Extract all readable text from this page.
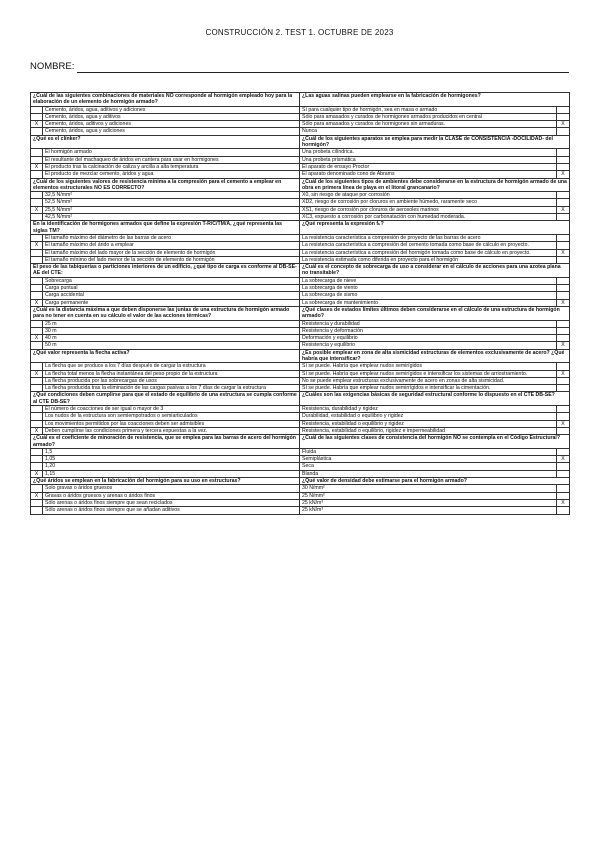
CONSTRUCCIÓN 2. TEST 1. OCTUBRE DE 2023
NOMBRE:
¿Cuál de las siguientes combinaciones de materiales NO corresponde al hormigón empleado hoy para la elaboración de un elemento de hormigón armado?		¿Las aguas salinas pueden emplearse en la fabricación de hormigones?	
	Cemento, áridos, agua, aditivos y adiciones	Sí para cualquier tipo de hormigón, sea en masa o armado	
	Cemento, áridos, agua y aditivos	Sólo para amasados y curados de hormigones armados producidos en central	
X	Cemento, áridos, aditivos y adiciones	Sólo para amasados y curados de hormigones sin armaduras.	X
	Cemento, áridos, agua y adiciones	Nunca	
¿Qué es el clínker?		¿Cuál de los siguientes aparatos se emplea para medir la CLASE de CONSISTENCIA -DOCILIDAD- del hormigón?	
	El hormigón armado	Una probeta cilíndrica.	
	El resultante del machaqueo de áridos en cantera para usar en hormigones	Una probeta prismática	
X	El producto tras la calcinación de caliza y arcilla a alta temperatura	El aparato de ensayo Proctor	
	El producto de mezclar cemento, áridos y agua	El aparato denominado cono de Abrams	X
¿Cuál de los siguientes valores de resistencia mínima a la compresión para el cemento a emplear en elementos estructurales NO ES CORRECTO?		¿Cuál de los siguientes tipos de ambientes debe considerarse en la estructura de hormigón armado de una obra en primera línea de playa en el litoral grancanario?	
	32,5 N/mm²	X0, sin riesgo de ataque por corrosión	
	52,5 N/mm²	XD2, riesgo de corrosión por cloruros en ambiente húmedo, raramente seco	
X	25,5 N/mm²	XS1, riesgo de corrosión por cloruros de aerosoles marinos	X
	42,5 N/mm²	XC3, expuesto a corrosión por carbonatación con humedad moderada.	
En la identificación de hormigones armados que define la expresión T-R/C/TM/A, ¿qué representa las siglas TM?		¿Qué representa la expresión fₖ?	
	El tamaño máximo del diámetro de las barras de acero	La resistencia característica a compresión de proyecto de las barras de acero	
X	El tamaño máximo del árido a emplear	La resistencia característica a compresión del cemento tomada como base de cálculo en proyecto.	
	El tamaño máximo del lado mayor de la sección de elemento de hormigón	La resistencia característica a compresión del hormigón tomada como base de cálculo en proyecto.	X
	El tamaño mínimo del lado menor de la sección de elemento de hormigón	La resistencia estimada como diferida en proyecto para el hormigón	
El peso de las tabiquerías o particiones interiores de un edificio, ¿qué tipo de carga es conforme al DB-SE-AE del CTE:		¿Cuál es el concepto de sobrecarga de uso a considerar en el cálculo de acciones para una azotea plana no transitable?	
	Sobrecarga	La sobrecarga de nieve	
	Carga puntual	La sobrecarga de viento	
	Carga accidental	La sobrecarga de sismo	
X	Carga permanente	La sobrecarga de mantenimiento	X
¿Cuál es la distancia máxima a que deben disponerse las juntas de una estructura de hormigón armado para no tener en cuenta en su cálculo el valor de las acciones térmicas?		¿Qué clases de estados límites últimos deben considerarse en el cálculo de una estructura de hormigón armado?	
	25 m	Resistencia y durabilidad	
	30 m	Resistencia y deformación	
X	40 m	Deformación y equilibrio	
	50 m	Resistencia y equilibrio	X
¿Qué valor representa la flecha activa?		¿Es posible emplear en zona de alta sismicidad estructuras de elementos exclusivamente de acero? ¿Qué habría que intensificar?	
	La flecha que se produce a los 7 días después de cargar la estructura	Sí se puede. Habría que emplear nudos semirígidos	
X	La flecha total menos la flecha instantánea del peso propio de la estructura	Sí se puede. Habría que emplear nudos semirígidos e intensificar los sistemas de arriostramiento.	X
	La flecha producida por las sobrecargas de usos	No se puede emplear estructuras exclusivamente de acero en zonas de alta sismicidad.	
	La flecha producida tras la eliminación de las cargas pasivas a los 7 días de cargar la estructura	Sí se puede. Habría que emplear nudos semirrígidos e intensificar la cimentación.	
¿Qué condiciones deben cumplirse para que el estado de equilibrio de una estructura se cumpla conforme al CTE DB-SE?		¿Cuáles son las exigencias básicas de seguridad estructural conforme lo dispuesto en el CTE DB-SE?	
	El número de coacciones de ser igual o mayor de 3	Resistencia, durabilidad y rigidez	
	Los nudos de la estructura son semiempotrados o semiarticulados	Durabilidad, estabilidad o equilibrio y rigidez	
	Los movimientos permitidos por las coacciones deben ser admisibles	Resistencia, estabilidad o equilibrio y rigidez	X
X	Deben cumplirse las condiciones primera y tercera expuestas a la vez.	Resistencia, estabilidad o equilibrio, rigidez e impermeabilidad	
¿Cuál es el coeficiente de minoración de resistencia, que se emplea para las barras de acero del hormigón armado?		¿Cuál de las siguientes clases de consistencia del hormigón NO se contempla en el Código Estructural?	
	1,5	Fluida	
	1,05	Semiplástica	X
	1,20	Seca	
X	1,15	Blanda	
¿Qué áridos se emplean en la fabricación del hormigón para su uso en estructuras?		¿Qué valor de densidad debe estimarse para el hormigón armado?	
	Solo gravas o áridos gruesos	30 N/mm²	
X	Gravas o áridos gruesos y arenas o áridos finos	25 N/mm²	
	Sólo arenas o áridos finos siempre que sean reciclados	25 kN/m³	X
	Sólo arenas o áridos finos siempre que se añadan aditivos	25 kN/m³	
